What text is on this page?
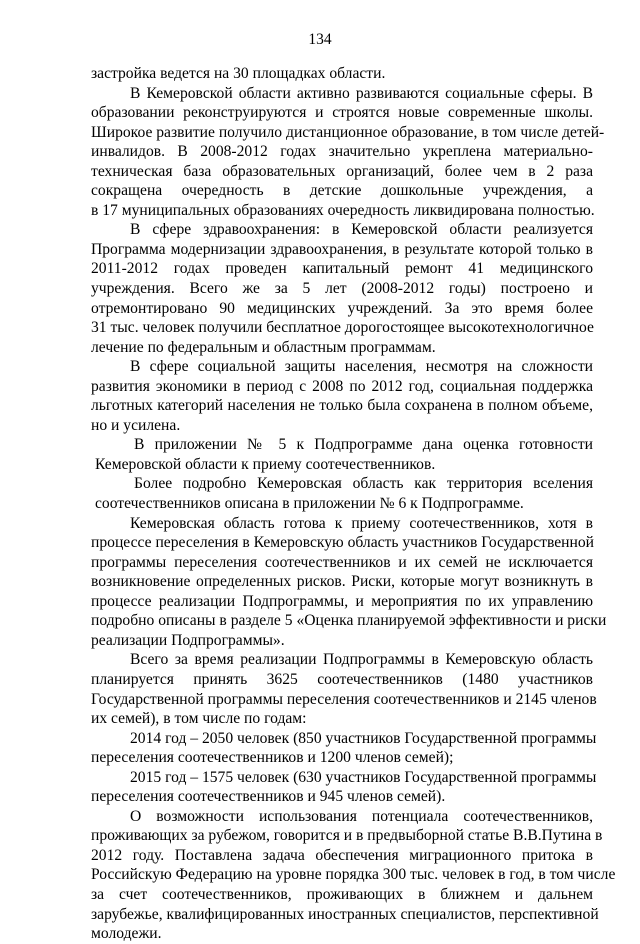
134
застройка ведется на 30 площадках области.
В Кемеровской области активно развиваются социальные сферы. В
образовании реконструируются и строятся новые современные школы.
Широкое развитие получило дистанционное образование, в том числе детей-
инвалидов. В 2008-2012 годах значительно укреплена материально-
техническая база образовательных организаций, более чем в 2 раза
сокращена очередность в детские дошкольные учреждения, а
в 17 муниципальных образованиях очередность ликвидирована полностью.
В сфере здравоохранения: в Кемеровской области реализуется
Программа модернизации здравоохранения, в результате которой только в
2011-2012 годах проведен капитальный ремонт 41 медицинского
учреждения. Всего же за 5 лет (2008-2012 годы) построено и
отремонтировано 90 медицинских учреждений. За это время более
31 тыс. человек получили бесплатное дорогостоящее высокотехнологичное
лечение по федеральным и областным программам.
В сфере социальной защиты населения, несмотря на сложности
развития экономики в период с 2008 по 2012 год, социальная поддержка
льготных категорий населения не только была сохранена в полном объеме,
но и усилена.
В приложении № 5 к Подпрограмме дана оценка готовности
Кемеровской области к приему соотечественников.
Более подробно Кемеровская область как территория вселения
соотечественников описана в приложении № 6 к Подпрограмме.
Кемеровская область готова к приему соотечественников, хотя в
процессе переселения в Кемеровскую область участников Государственной
программы переселения соотечественников и их семей не исключается
возникновение определенных рисков. Риски, которые могут возникнуть в
процессе реализации Подпрограммы, и мероприятия по их управлению
подробно описаны в разделе 5 «Оценка планируемой эффективности и риски
реализации Подпрограммы».
Всего за время реализации Подпрограммы в Кемеровскую область
планируется принять 3625 соотечественников (1480 участников
Государственной программы переселения соотечественников и 2145 членов
их семей), в том числе по годам:
2014 год – 2050 человек (850 участников Государственной программы
переселения соотечественников и 1200 членов семей);
2015 год – 1575 человек (630 участников Государственной программы
переселения соотечественников и 945 членов семей).
О возможности использования потенциала соотечественников,
проживающих за рубежом, говорится и в предвыборной статье В.В.Путина в
2012 году. Поставлена задача обеспечения миграционного притока в
Российскую Федерацию на уровне порядка 300 тыс. человек в год, в том числе
за счет соотечественников, проживающих в ближнем и дальнем
зарубежье, квалифицированных иностранных специалистов, перспективной
молодежи.
